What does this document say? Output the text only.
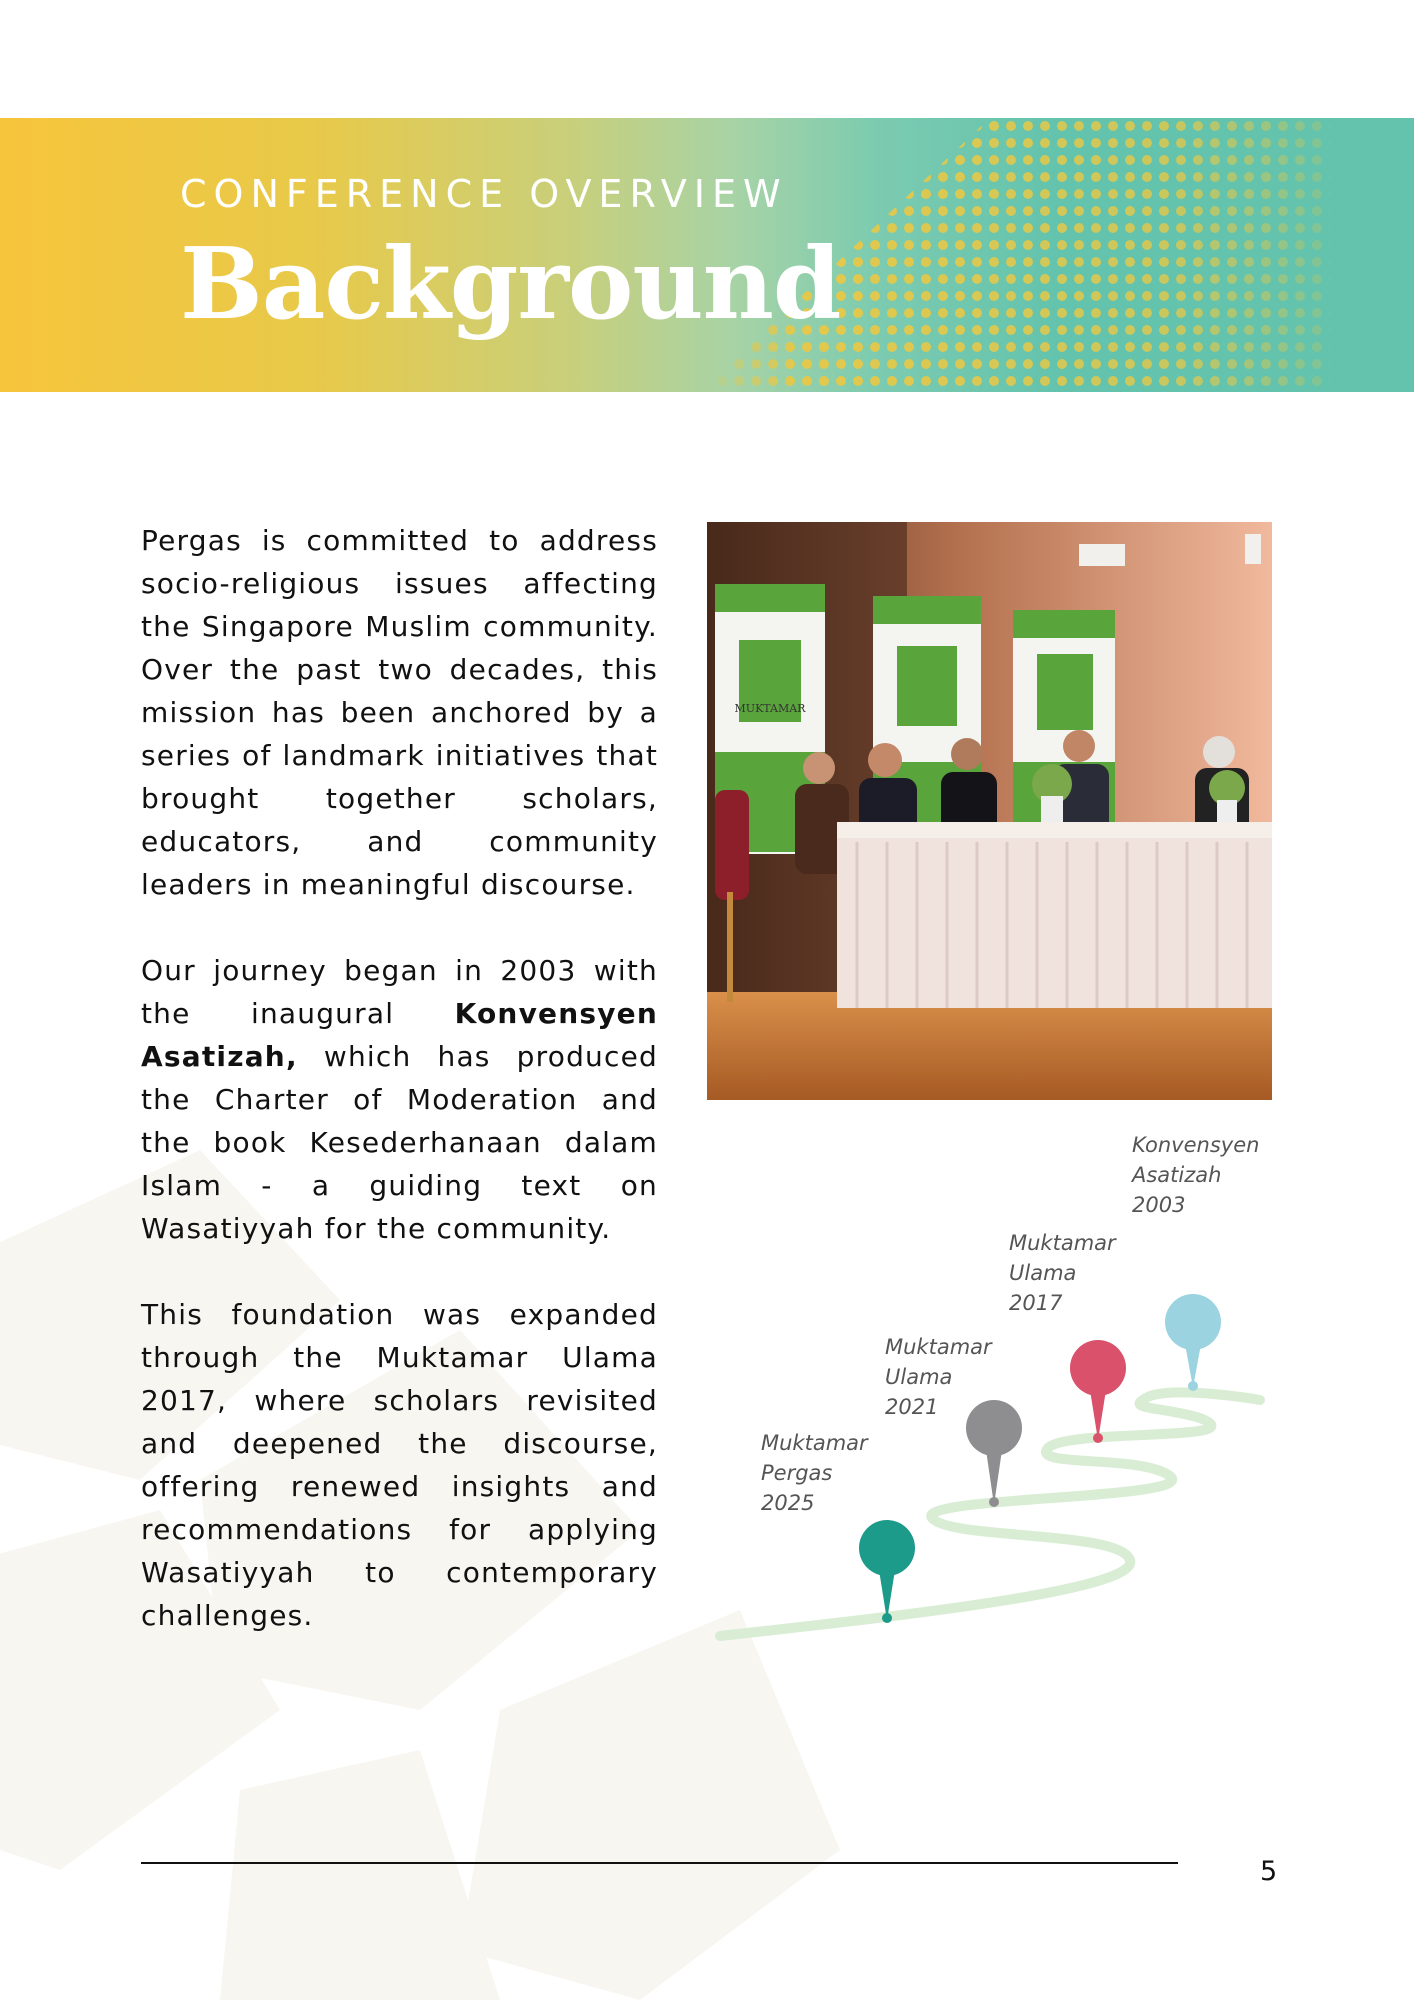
CONFERENCE OVERVIEW
Background

Pergas is committed to address socio-religious issues affecting the Singapore Muslim community. Over the past two decades, this mission has been anchored by a series of landmark initiatives that brought together scholars, educators, and community leaders in meaningful discourse.

Our journey began in 2003 with the inaugural Konvensyen Asatizah, which has produced the Charter of Moderation and the book Kesederhanaan dalam Islam - a guiding text on Wasatiyyah for the community.

This foundation was expanded through the Muktamar Ulama 2017, where scholars revisited and deepened the discourse, offering renewed insights and recommendations for applying Wasatiyyah to contemporary challenges.

MUKTAMAR
Konvensyen
Asatizah
2003
Muktamar
Ulama
2017
Muktamar
Ulama
2021
Muktamar
Pergas
2025
5
